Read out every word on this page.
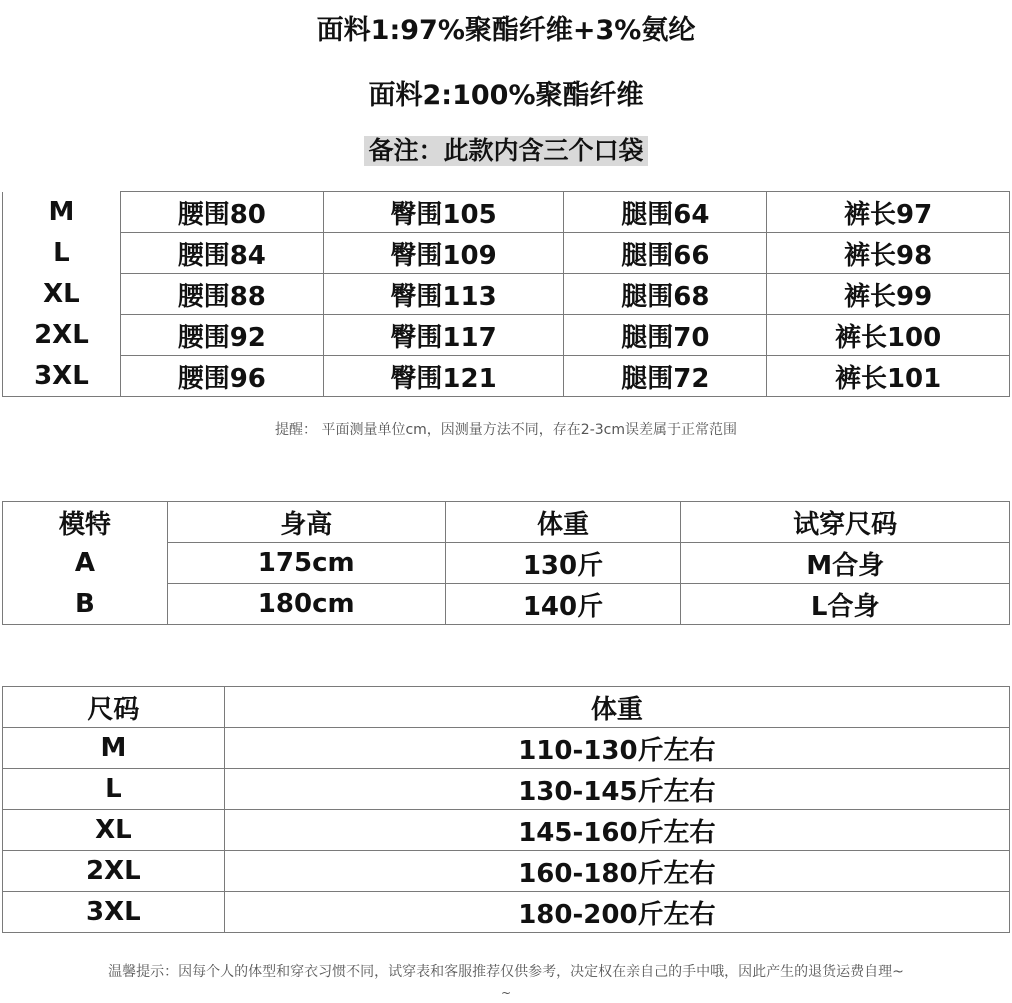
面料1:97%聚酯纤维+3%氨纶
面料2:100%聚酯纤维
备注：此款内含三个口袋
M	腰围80	臀围105	腿围64	裤长97
L	腰围84	臀围109	腿围66	裤长98
XL	腰围88	臀围113	腿围68	裤长99
2XL	腰围92	臀围117	腿围70	裤长100
3XL	腰围96	臀围121	腿围72	裤长101
提醒： 平面测量单位cm，因测量方法不同，存在2-3cm误差属于正常范围
模特	身高	体重	试穿尺码
A	175cm	130斤	M合身
B	180cm	140斤	L合身
尺码	体重
M	110-130斤左右
L	130-145斤左右
XL	145-160斤左右
2XL	160-180斤左右
3XL	180-200斤左右
温馨提示：因每个人的体型和穿衣习惯不同，试穿表和客服推荐仅供参考，决定权在亲自己的手中哦，因此产生的退货运费自理~
~
